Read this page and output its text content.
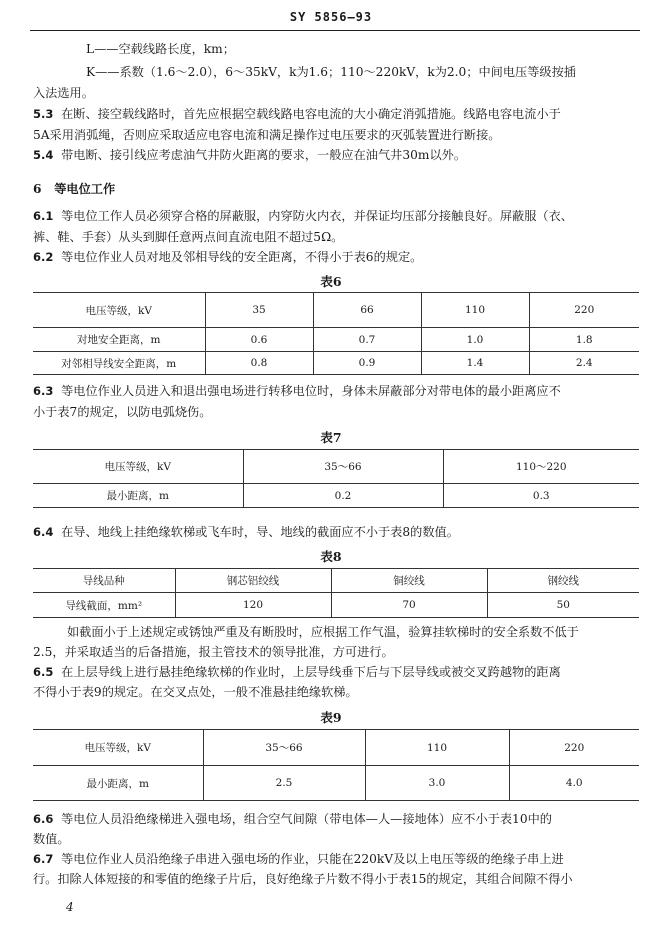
SY 5856—93
L——空载线路长度，km；
K——系数（1.6～2.0），6～35kV，k为1.6；110～220kV，k为2.0；中间电压等级按插
入法选用。
5.3 在断、接空载线路时，首先应根据空载线路电容电流的大小确定消弧措施。线路电容电流小于
5A采用消弧绳，否则应采取适应电容电流和满足操作过电压要求的灭弧装置进行断接。
5.4 带电断、接引线应考虑油气井防火距离的要求，一般应在油气井30m以外。
6 等电位工作
6.1 等电位工作人员必须穿合格的屏蔽服，内穿防火内衣，并保证均压部分接触良好。屏蔽服（衣、
裤、鞋、手套）从头到脚任意两点间直流电阻不超过5Ω。
6.2 等电位作业人员对地及邻相导线的安全距离，不得小于表6的规定。
表6
电压等级，kV	35	66	110	220
对地安全距离，m	0.6	0.7	1.0	1.8
对邻相导线安全距离，m	0.8	0.9	1.4	2.4
6.3 等电位作业人员进入和退出强电场进行转移电位时，身体未屏蔽部分对带电体的最小距离应不
小于表7的规定，以防电弧烧伤。
表7
电压等级，kV	35～66	110～220
最小距离，m	0.2	0.3
6.4 在导、地线上挂绝缘软梯或飞车时，导、地线的截面应不小于表8的数值。
表8
导线品种	钢芯铝绞线	铜绞线	钢绞线
导线截面，mm²	120	70	50
如截面小于上述规定或锈蚀严重及有断股时，应根据工作气温，验算挂软梯时的安全系数不低于
2.5，并采取适当的后备措施，报主管技术的领导批准，方可进行。
6.5 在上层导线上进行悬挂绝缘软梯的作业时，上层导线垂下后与下层导线或被交叉跨越物的距离
不得小于表9的规定。在交叉点处，一般不准悬挂绝缘软梯。
表9
电压等级，kV	35～66	110	220
最小距离，m	2.5	3.0	4.0
6.6 等电位人员沿绝缘梯进入强电场，组合空气间隙（带电体—人—接地体）应不小于表10中的
数值。
6.7 等电位作业人员沿绝缘子串进入强电场的作业，只能在220kV及以上电压等级的绝缘子串上进
行。扣除人体短接的和零值的绝缘子片后，良好绝缘子片数不得小于表15的规定，其组合间隙不得小
4
